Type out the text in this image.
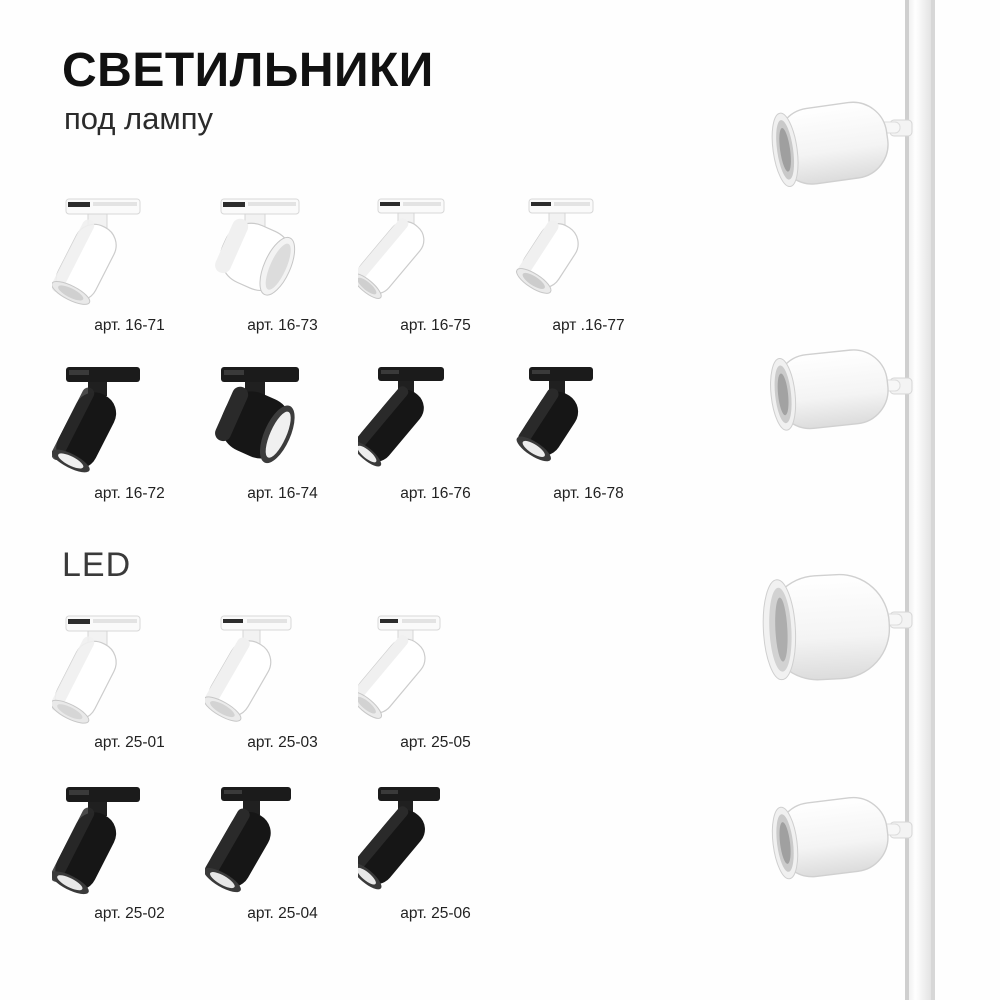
СВЕТИЛЬНИКИ
под лампу
LED
арт. 16-71	арт. 16-73	арт. 16-75	арт .16-77
арт. 16-72	арт. 16-74	арт. 16-76	арт. 16-78
арт. 25-01	арт. 25-03	арт. 25-05
арт. 25-02	арт. 25-04	арт. 25-06
